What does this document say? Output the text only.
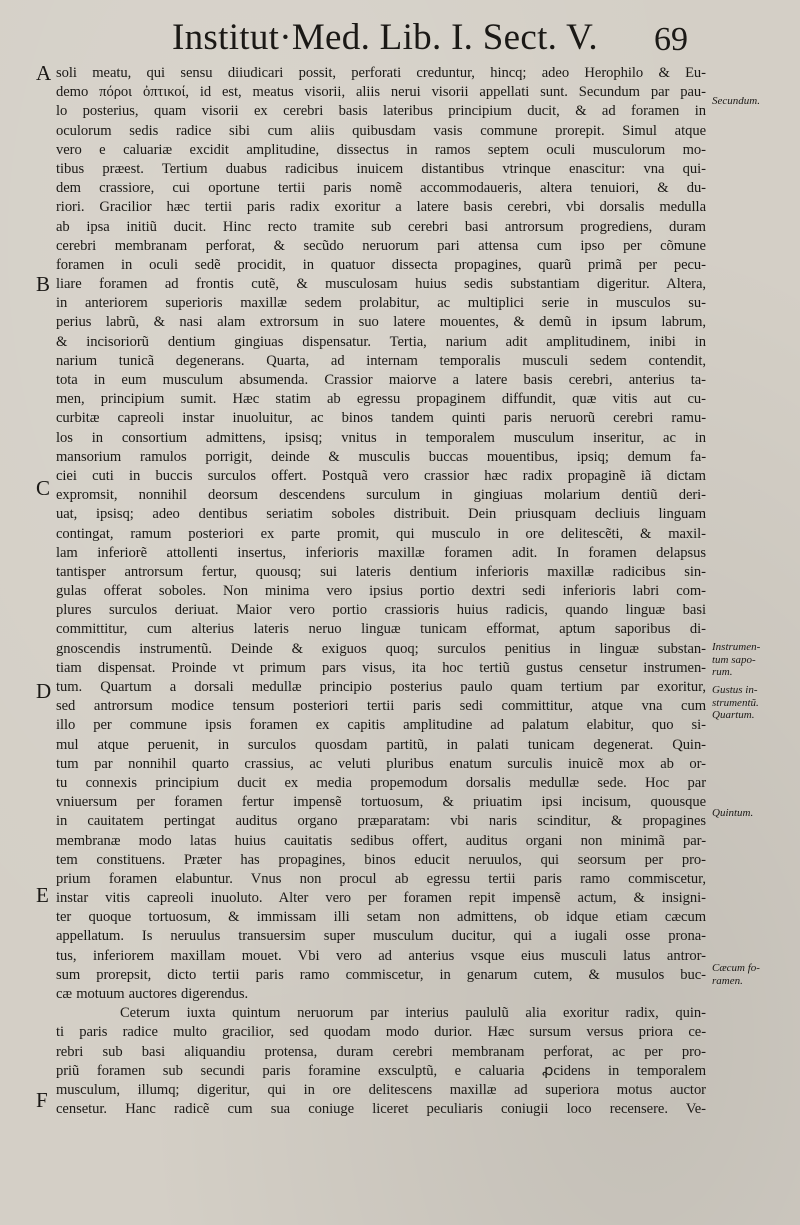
Institut·Med. Lib. I. Sect. V. 69
A
B
C
D
E
F
Secundum.
Instrumen-
tum sapo-
rum.
Gustus in-
strumentũ.
Quartum.
Quintum.
Cæcum fo-
ramen.
soli meatu, qui sensu diiudicari possit, perforati creduntur, hincq; adeo Herophilo & Eu-
demo πόροι ὀπτικοί, id est, meatus visorii, aliis nerui visorii appellati sunt. Secundum par pau-
lo posterius, quam visorii ex cerebri basis lateribus principium ducit, & ad foramen in
oculorum sedis radice sibi cum aliis quibusdam vasis commune prorepit. Simul atque
vero e caluariæ excidit amplitudine, dissectus in ramos septem oculi musculorum mo-
tibus præest. Tertium duabus radicibus inuicem distantibus vtrinque enascitur: vna qui-
dem crassiore, cui oportune tertii paris nomẽ accommodaueris, altera tenuiori, & du-
riori. Gracilior hæc tertii paris radix exoritur a latere basis cerebri, vbi dorsalis medulla
ab ipsa initiũ ducit. Hinc recto tramite sub cerebri basi antrorsum progrediens, duram
cerebri membranam perforat, & secũdo neruorum pari attensa cum ipso per cõmune
foramen in oculi sedẽ procidit, in quatuor dissecta propagines, quarũ primã per pecu-
liare foramen ad frontis cutẽ, & musculosam huius sedis substantiam digeritur. Altera,
in anteriorem superioris maxillæ sedem prolabitur, ac multiplici serie in musculos su-
perius labrũ, & nasi alam extrorsum in suo latere mouentes, & demũ in ipsum labrum,
& incisoriorũ dentium gingiuas dispensatur. Tertia, narium adit amplitudinem, inibi in
narium tunicã degenerans. Quarta, ad internam temporalis musculi sedem contendit,
tota in eum musculum absumenda. Crassior maiorve a latere basis cerebri, anterius ta-
men, principium sumit. Hæc statim ab egressu propaginem diffundit, quæ vitis aut cu-
curbitæ capreoli instar inuoluitur, ac binos tandem quinti paris neruorũ cerebri ramu-
los in consortium admittens, ipsisq; vnitus in temporalem musculum inseritur, ac in
mansorium ramulos porrigit, deinde & musculis buccas mouentibus, ipsiq; demum fa-
ciei cuti in buccis surculos offert. Postquã vero crassior hæc radix propaginẽ iã dictam
expromsit, nonnihil deorsum descendens surculum in gingiuas molarium dentiũ deri-
uat, ipsisq; adeo dentibus seriatim soboles distribuit. Dein priusquam decliuis linguam
contingat, ramum posteriori ex parte promit, qui musculo in ore delitescẽti, & maxil-
lam inferiorẽ attollenti insertus, inferioris maxillæ foramen adit. In foramen delapsus
tantisper antrorsum fertur, quousq; sui lateris dentium inferioris maxillæ radicibus sin-
gulas offerat soboles. Non minima vero ipsius portio dextri sedi inferioris labri com-
plures surculos deriuat. Maior vero portio crassioris huius radicis, quando linguæ basi
committitur, cum alterius lateris neruo linguæ tunicam efformat, aptum saporibus di-
gnoscendis instrumentũ. Deinde & exiguos quoq; surculos penitius in linguæ substan-
tiam dispensat. Proinde vt primum pars visus, ita hoc tertiũ gustus censetur instrumen-
tum. Quartum a dorsali medullæ principio posterius paulo quam tertium par exoritur,
sed antrorsum modice tensum posteriori tertii paris sedi committitur, atque vna cum
illo per commune ipsis foramen ex capitis amplitudine ad palatum elabitur, quo si-
mul atque peruenit, in surculos quosdam partitũ, in palati tunicam degenerat. Quin-
tum par nonnihil quarto crassius, ac veluti pluribus enatum surculis inuicẽ mox ab or-
tu connexis principium ducit ex media propemodum dorsalis medullæ sede. Hoc par
vniuersum per foramen fertur impensẽ tortuosum, & priuatim ipsi incisum, quousque
in cauitatem pertingat auditus organo præparatam: vbi naris scinditur, & propagines
membranæ modo latas huius cauitatis sedibus offert, auditus organi non minimã par-
tem constituens. Præter has propagines, binos educit neruulos, qui seorsum per pro-
prium foramen elabuntur. Vnus non procul ab egressu tertii paris ramo commiscetur,
instar vitis capreoli inuoluto. Alter vero per foramen repit impensẽ actum, & insigni-
ter quoque tortuosum, & immissam illi setam non admittens, ob idque etiam cæcum
appellatum. Is neruulus transuersim super musculum ducitur, qui a iugali osse prona-
tus, inferiorem maxillam mouet. Vbi vero ad anterius vsque eius musculi latus antror-
sum prorepsit, dicto tertii paris ramo commiscetur, in genarum cutem, & musulos buc-
cæ motuum auctores digerendus.
Ceterum iuxta quintum neruorum par interius paululũ alia exoritur radix, quin-
ti paris radice multo gracilior, sed quodam modo durior. Hæc sursum versus priora ce-
rebri sub basi aliquandiu protensa, duram cerebri membranam perforat, ac per pro-
priũ foramen sub secundi paris foramine exsculptũ, e caluaria ꝓcidens in temporalem
musculum, illumq; digeritur, qui in ore delitescens maxillæ ad superiora motus auctor
censetur. Hanc radicẽ cum sua coniuge liceret peculiaris coniugii loco recensere. Ve-
